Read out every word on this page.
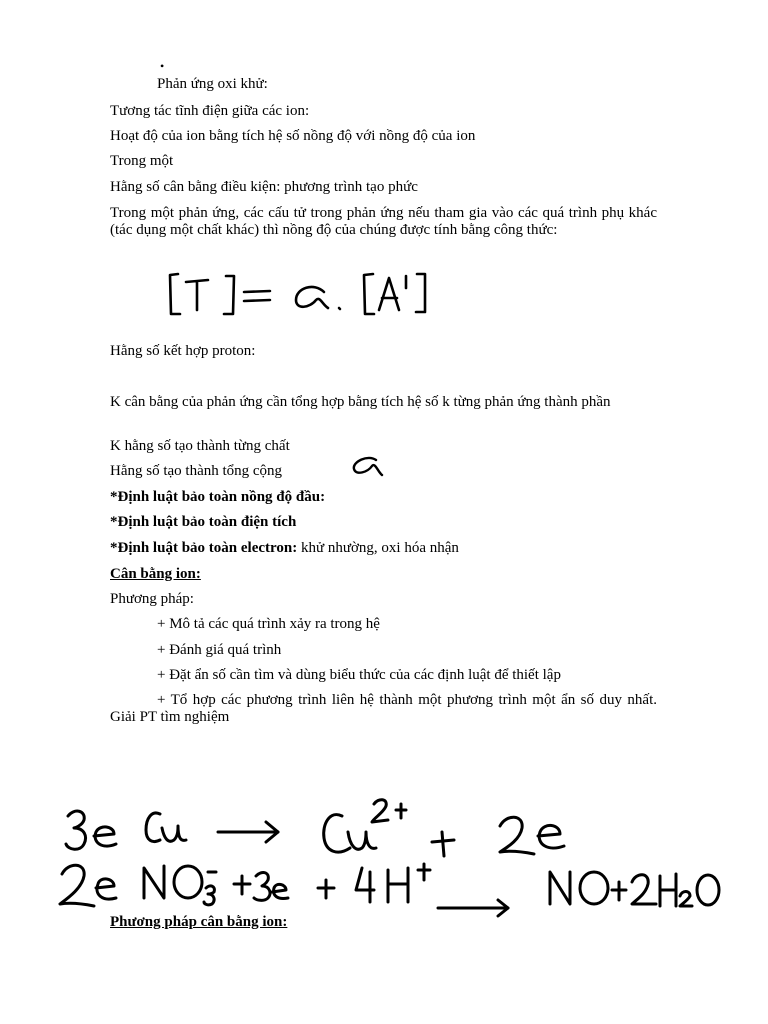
•

Phản ứng oxi khử:

Tương tác tĩnh điện giữa các ion:

Hoạt độ của ion bằng tích hệ số nồng độ với nồng độ của ion

Trong một

Hằng số cân bằng điều kiện: phương trình tạo phức

Trong một phản ứng, các cấu tử trong phản ứng nếu tham gia vào các quá trình phụ khác (tác dụng một chất khác) thì nồng độ của chúng được tính bằng công thức:

Hằng số kết hợp proton:

K cân bằng của phản ứng cần tổng hợp bằng tích hệ số k từng phản ứng thành phần

K hằng số tạo thành từng chất

Hằng số tạo thành tổng cộng

*Định luật bảo toàn nồng độ đầu:

*Định luật bảo toàn điện tích

*Định luật bảo toàn electron: khử nhường, oxi hóa nhận

Cân bằng ion:

Phương pháp:

+ Mô tả các quá trình xảy ra trong hệ

+ Đánh giá quá trình

+ Đặt ẩn số cần tìm và dùng biểu thức của các định luật để thiết lập

+ Tổ hợp các phương trình liên hệ thành một phương trình một ẩn số duy nhất. Giải PT tìm nghiệm

Phương pháp cân bằng ion:
